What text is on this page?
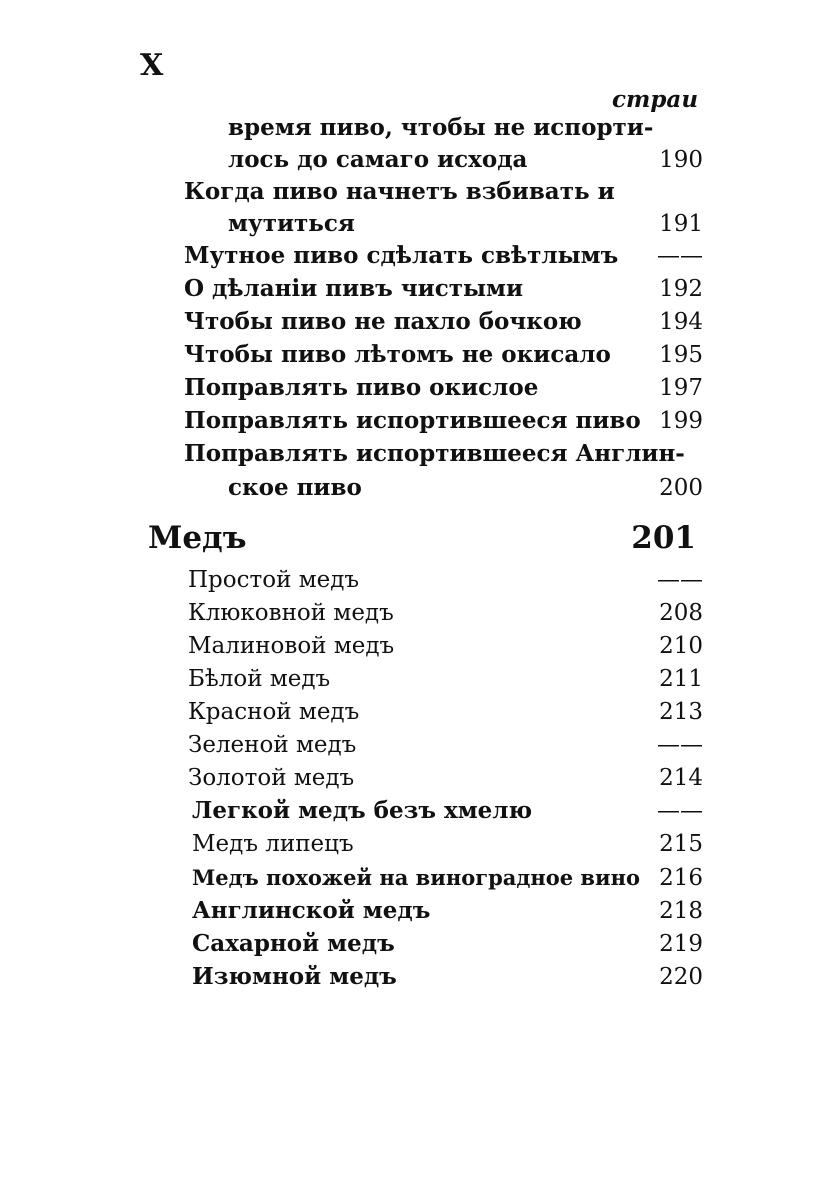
X
страи
время пиво, чтобы не испорти-
лось до самаго исхода	190
Когда пиво начнетъ взбивать и
мутиться	191
Мутное пиво сдѣлать свѣтлымъ ——
О дѣланіи пивъ чистыми	192
Чтобы пиво не пахло бочкою	194
Чтобы пиво лѣтомъ не окисало 195
Поправлять пиво окислое	197
Поправлять испортившееся пиво 199
Поправлять испортившееся Англин-
ское пиво	200
Медъ	201
Простой медъ	——
Клюковной медъ	208
Малиновой медъ	210
Бѣлой медъ	211
Красной медъ	213
Зеленой медъ	——
Золотой медъ	214
Легкой медъ безъ хмелю	——
Медъ липецъ	215
Медъ похожей на виноградное вино 216
Англинской медъ	218
Сахарной медъ	219
Изюмной медъ	220
